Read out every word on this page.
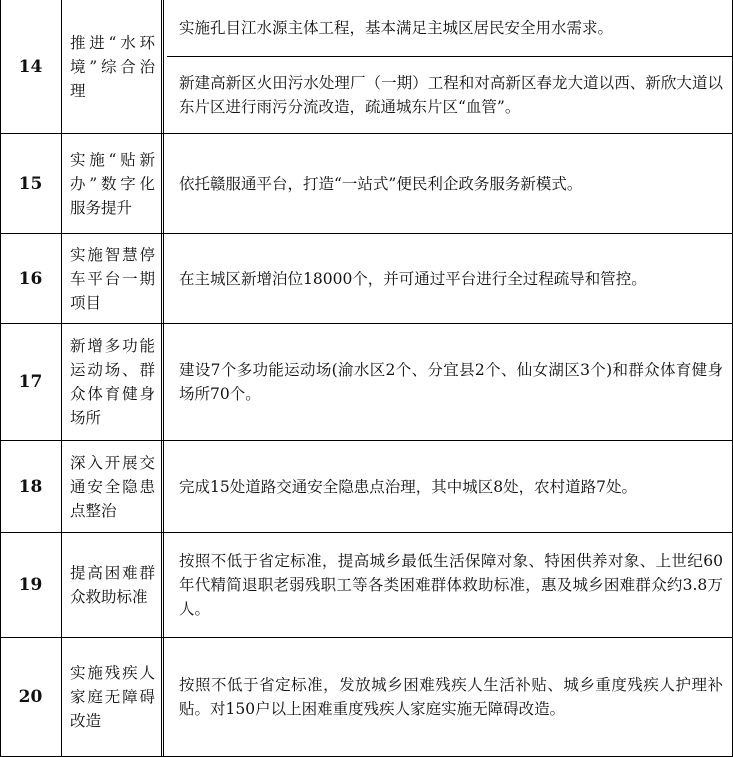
14
推进“水环境”综合治理
实施孔目江水源主体工程，基本满足主城区居民安全用水需求。
新建高新区火田污水处理厂（一期）工程和对高新区春龙大道以西、新欣大道以东片区进行雨污分流改造，疏通城东片区“血管”。
15
实施“贴新办”数字化服务提升
依托赣服通平台，打造“一站式”便民利企政务服务新模式。
16
实施智慧停车平台一期项目
在主城区新增泊位18000个，并可通过平台进行全过程疏导和管控。
17
新增多功能运动场、群众体育健身场所
建设7个多功能运动场(渝水区2个、分宜县2个、仙女湖区3个)和群众体育健身场所70个。
18
深入开展交通安全隐患点整治
完成15处道路交通安全隐患点治理，其中城区8处，农村道路7处。
19
提高困难群众救助标准
按照不低于省定标准，提高城乡最低生活保障对象、特困供养对象、上世纪60年代精简退职老弱残职工等各类困难群体救助标准，惠及城乡困难群众约3.8万人。
20
实施残疾人家庭无障碍改造
按照不低于省定标准，发放城乡困难残疾人生活补贴、城乡重度残疾人护理补贴。对150户以上困难重度残疾人家庭实施无障碍改造。
